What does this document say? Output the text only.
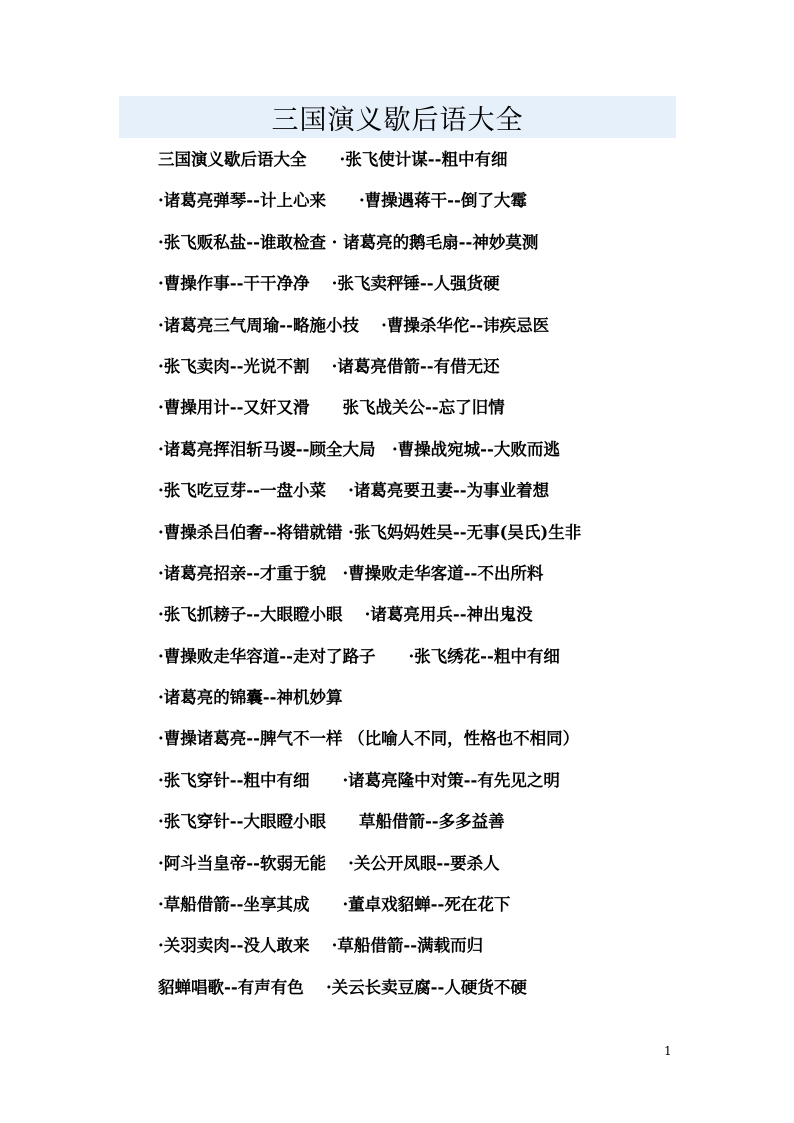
三国演义歇后语大全
三国演义歇后语大全　　·张飞使计谋--粗中有细
·诸葛亮弹琴--计上心来　　·曹操遇蒋干--倒了大霉
·张飞贩私盐--谁敢检查 · 诸葛亮的鹅毛扇--神妙莫测
·曹操作事--干干净净　 ·张飞卖秤锤--人强货硬
·诸葛亮三气周瑜--略施小技　 ·曹操杀华佗--讳疾忌医
·张飞卖肉--光说不割　 ·诸葛亮借箭--有借无还
·曹操用计--又奸又滑　　张飞战关公--忘了旧情
·诸葛亮挥泪斩马谡--顾全大局　·曹操战宛城--大败而逃
·张飞吃豆芽--一盘小菜　 ·诸葛亮要丑妻--为事业着想
·曹操杀吕伯奢--将错就错 ·张飞妈妈姓吴--无事(吴氏)生非
·诸葛亮招亲--才重于貌　·曹操败走华客道--不出所料
·张飞抓耪子--大眼瞪小眼　 ·诸葛亮用兵--神出鬼没
·曹操败走华容道--走对了路子　　·张飞绣花--粗中有细
·诸葛亮的锦囊--神机妙算
·曹操诸葛亮--脾气不一样 （比喻人不同，性格也不相同）
·张飞穿针--粗中有细　　·诸葛亮隆中对策--有先见之明
·张飞穿针--大眼瞪小眼　　草船借箭--多多益善
·阿斗当皇帝--软弱无能　 ·关公开凤眼--要杀人
·草船借箭--坐享其成　　·董卓戏貂蝉--死在花下
·关羽卖肉--没人敢来　 ·草船借箭--满载而归
貂蝉唱歌--有声有色　 ·关云长卖豆腐--人硬货不硬
1
